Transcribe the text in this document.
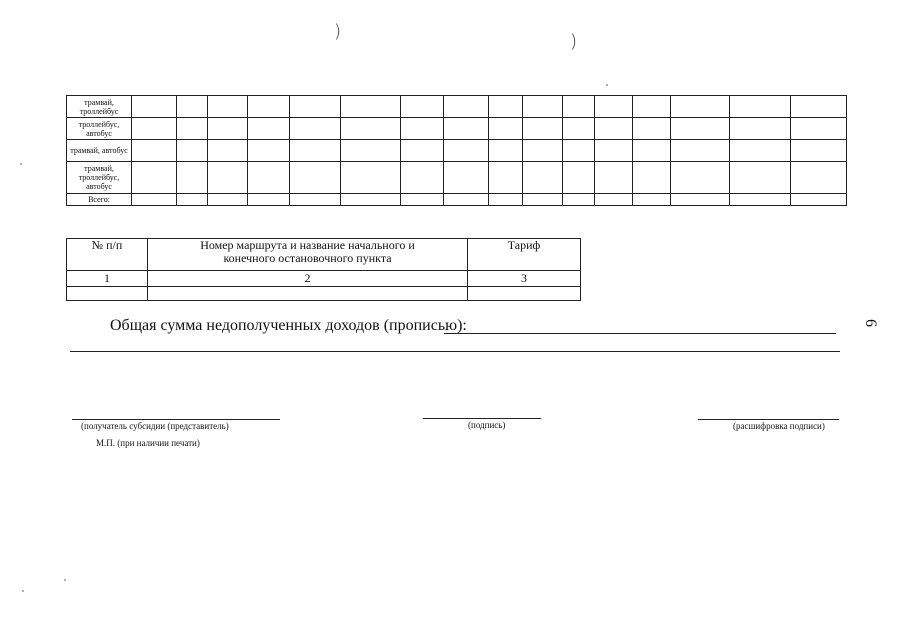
)	)
6
трамвай, троллейбус																
троллейбус, автобус																
трамвай, автобус																
трамвай, троллейбус, автобус																
Всего:																
№ п/п	Номер маршрута и название начального и конечного остановочного пункта	Тариф
1	2	3

Общая сумма недополученных доходов (прописью):
(получатель субсидии (представитель)	(подпись)	(расшифровка подписи)
М.П. (при наличии печати)
